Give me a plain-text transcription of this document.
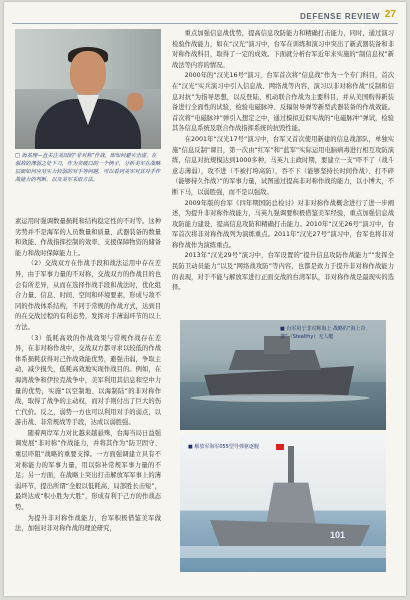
DEFENSE REVIEW 27
□ 海基理—直关注美国的“非对称”作战，即如何避实击虚，在强敌的薄弱之处下刀，作为突破口的一个例子，分析美军在战略层面如何应对实力较弱的对手等问题，可以看到美军对其对手作战能力的判断、以及美军采取方法。

素运用时强调数量损耗和结构稳定性的不对等。这种劣势并不是海军的人员数量和质量、武器装备的数量和效能、作战指挥控制的效率、支援保障物资的储备能力和战时保障能力上。

（2）交战双方在作战手段和战法运用中存在差异，由于军事力量的不对称，交战双方的作战目的也会有所差异，从而在选择作战手段和战法时，优化组合力量、信息、时间、空间和环境要素，形成与敌不同的作战体系结构，不同于常规的作战方式，达到目的在交战过程的有利态势，发挥对手薄弱环节的以上方法。

（3）低耗高效的作战效果与常规作战存在差异，在非对称作战中，交战双方都寻求以较低的作战体系损耗获得对己作战效能优势，避强击弱，争取主动，减少损失，低耗高效地实现作战目的。例如，在海湾战争和伊拉克战争中，美军利用其信息和空中力量的优势，实施“以空制地、以海制陆”的非对称作战，取得了战争的主动权，而对手则付出了巨大的伤亡代价。反之，弱势一方也可以利用对手的弱点，以游击战、非常规战等手段，达成以弱胜强。

随着两岸军力对比越来越悬殊，台海当局日益强调发展“非对称”作战能力，并将其作为“防卫固守、重层吓阻”战略的重要支撑。一方面强调建立具有不对称能力的军事力量，用以弥补常规军事力量的不足；另一方面，在战略上突出打击解放军军事上的薄弱环节，提出所谓“全般以低耗高、局部胜长击短”，最终达成“积小胜为大胜”，形成有利于己方的作战态势。

为提升非对称作战能力，台军积极借鉴美军做法，加强对非对称作战的理论研究，

重点加强信息战优势，提高信息攻防能力和精确打击能力，同时，通过演习检验作战能力，如在“汉光”演习中，台军在训练和演习中突出了新武器装备和非对称作战科目，取得了一定的成效。下面就分析台军近年来实施的“制信息权”新战法等内容的情况。

2000年的“汉光16号”演习，台军首次将“信息战”作为一个专门科目，首次在“汉光”实兵演习中引入信息战、网络战等内容，演习以非对称作战“反制和信息对抗”为指导思想，以反登陆、机动联合作战为主要科目，并从美国购得新装备进行全面性的试验，检验电磁脉冲、反辐射导弹等新型武器装备的作战效能。首次将“电磁脉冲”弹引入想定之中，通过模拟近似实战的“电磁脉冲”弹试，检验其各信息系统及联合作战指挥系统的抗毁性能。

在2001年“汉光17号”演习中，台军又首次使用新建的信息战部队，单独实施“信息反制”课目，第一次由“红军”和“蓝军”实际运用电脑病毒进行相互攻防演练，信息对抗规模达到1000多种，马英九主政时期，要建立一支“吓不了（战斗意志薄弱），攻不进（不被打垮高防），吞不下（能够坚持长时间作战）、打不碎（能够持久作战）”的军事力量，试图通过提高非对称作战的能力，以小博大，不断下马，以弱胜强，而不是以强敌。

2009年版的台军《四年期国防总检讨》对非对称作战概念进行了进一步阐述，为提升非对称作战能力，马英九强调要积极借鉴美军经验，重点加强信息战攻防能力建设，提高信息攻防和精确打击能力。2010年“汉光26号”演习中，台军首次将非对称作战列为演练重点。2011年“汉光27号”演习中，台军也将非对称作战作为演练重点。

2013年“汉光29号”演习中，台军设置的“提升信息攻防作战能力”“发挥全民防卫动员能力”以及“网络战攻防”等内容，也都是致力于提升非对称作战能力的表现，对于不能与解放军进行正面交战的台湾军队，非对称作战是最现实的选择。

■ 台军用于非对称海上 战略的“海上奇袭”（Stealthy）无人艇
101
■ 解放军海军055型导弹驱逐舰
